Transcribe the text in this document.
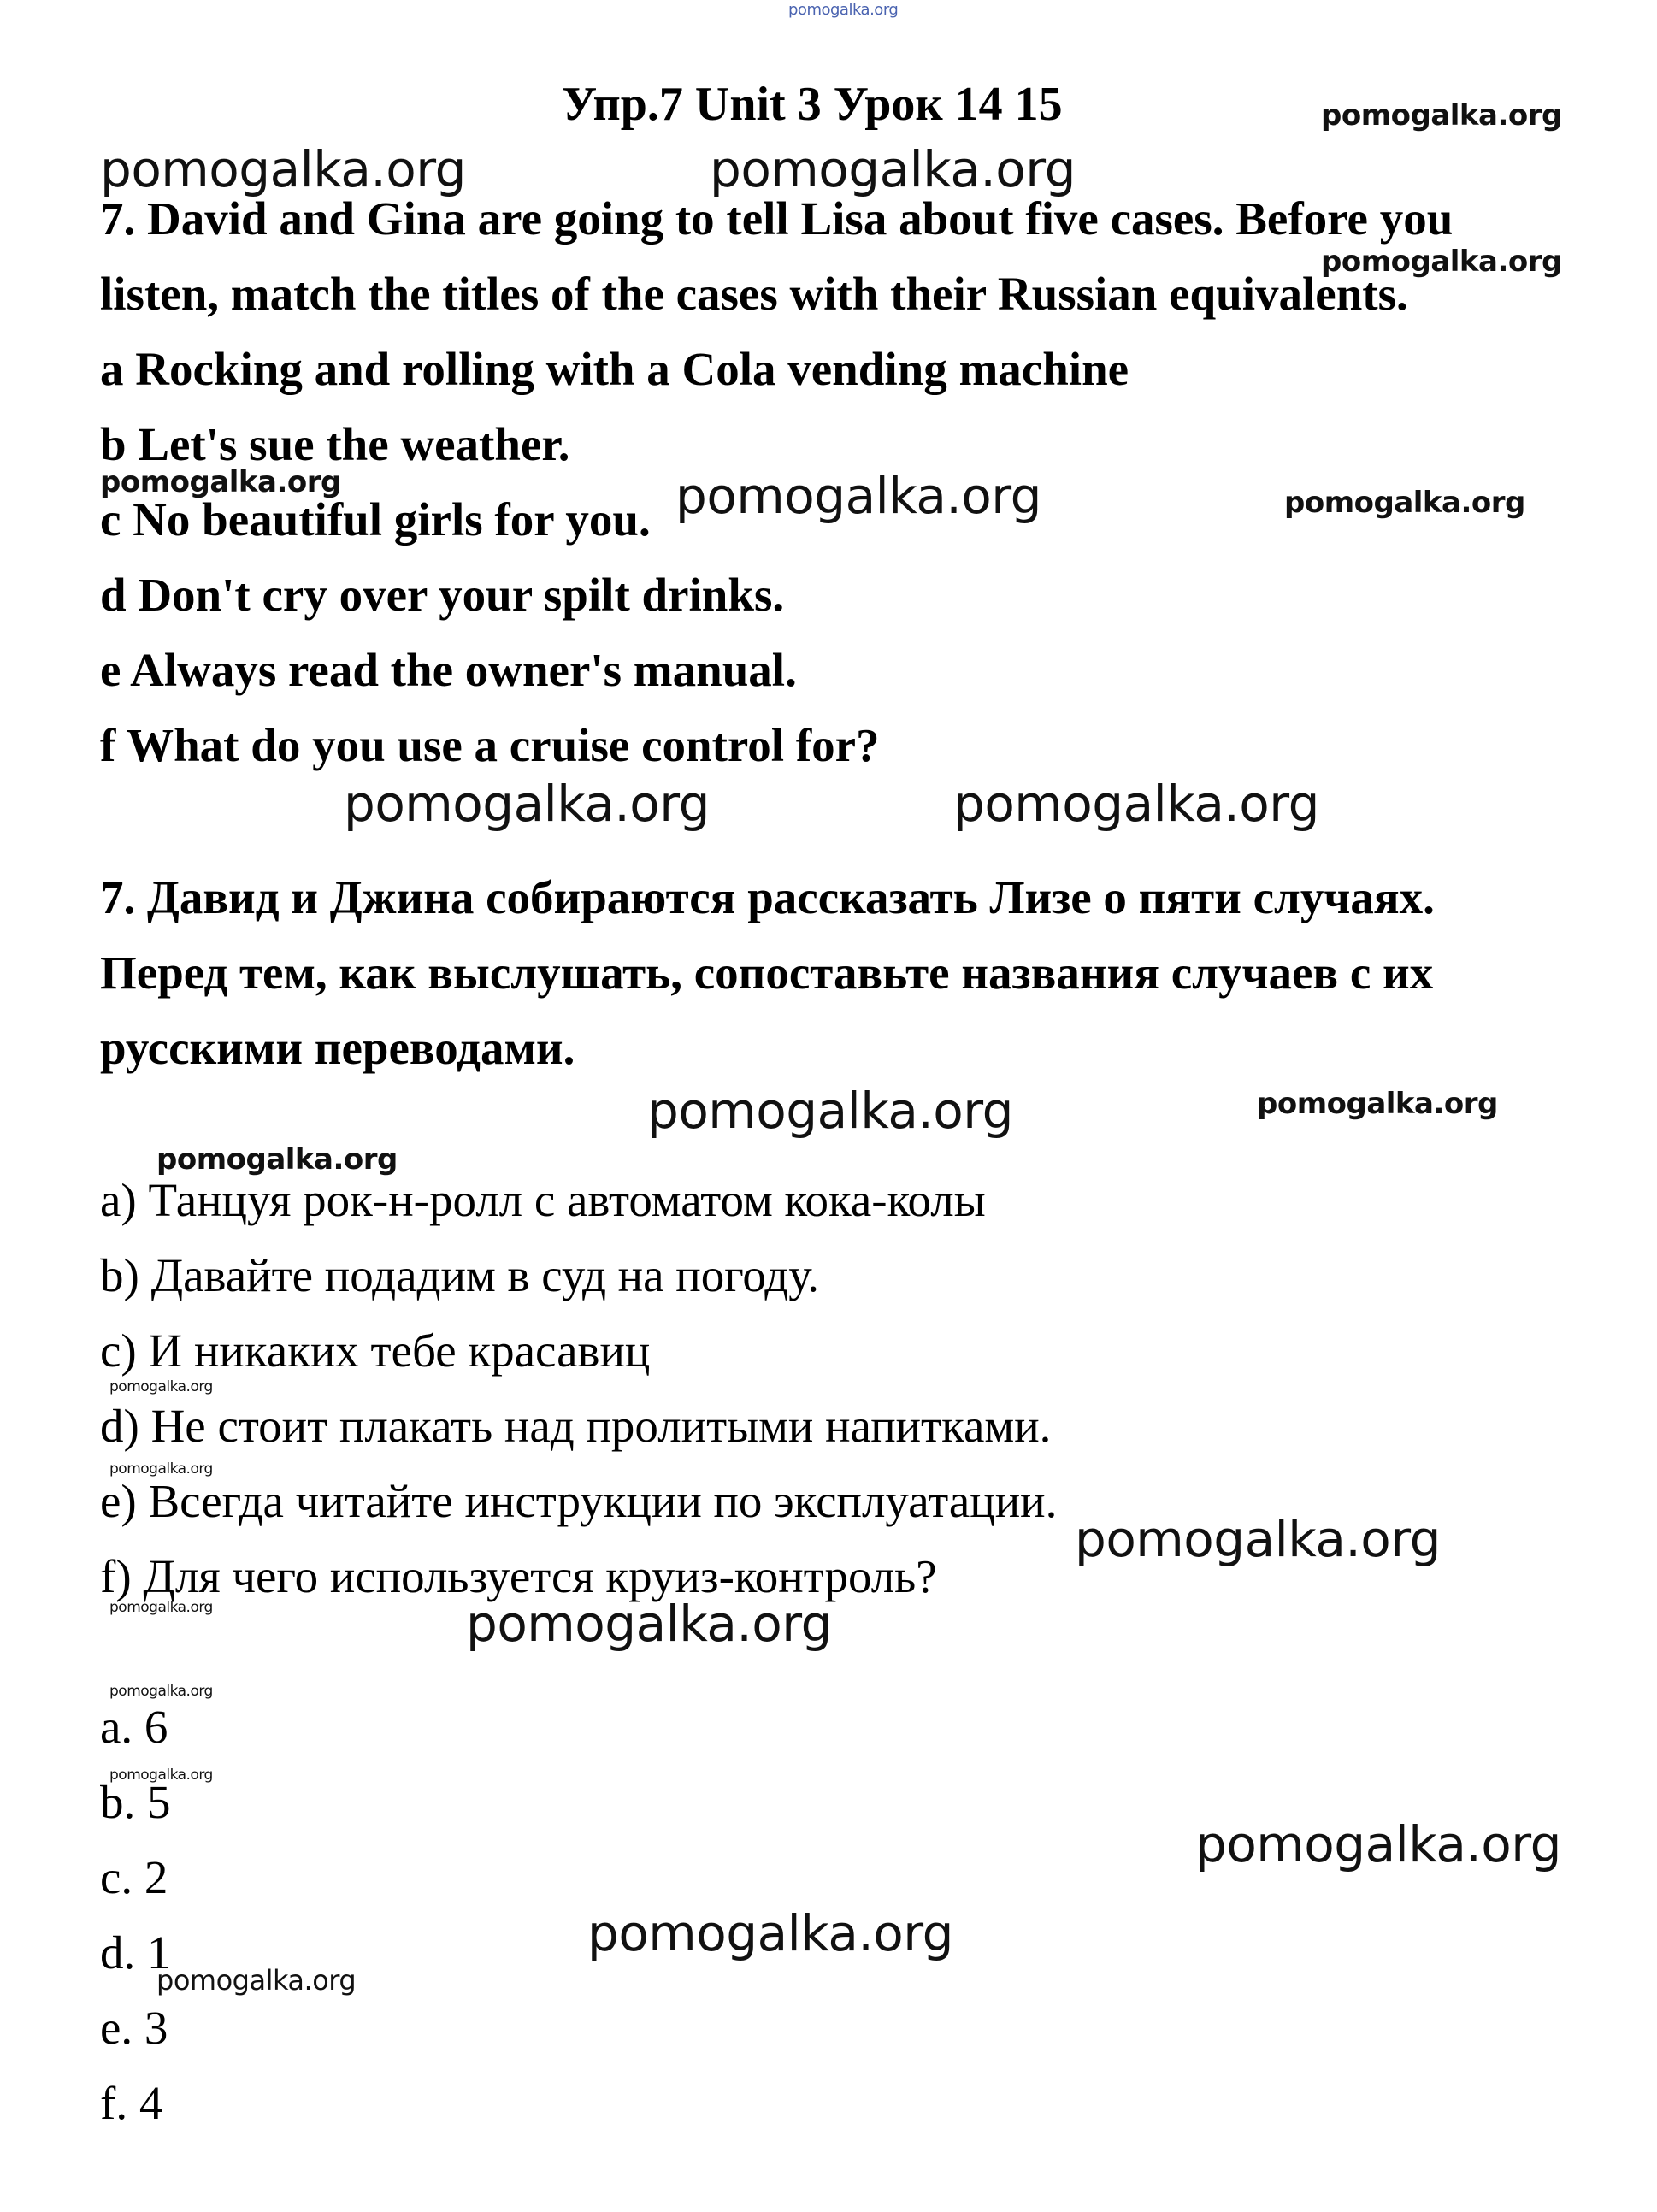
pomogalka.org
Упр.7 Unit 3 Урок 14 15	pomogalka.org
pomogalka.org	pomogalka.org
7. David and Gina are going to tell Lisa about five cases. Before you
pomogalka.org
listen, match the titles of the cases with their Russian equivalents.
a Rocking and rolling with a Cola vending machine
b Let's sue the weather.
pomogalka.org
c No beautiful girls for you. pomogalka.org	pomogalka.org
d Don't cry over your spilt drinks.
e Always read the owner's manual.
f What do you use a cruise control for?
pomogalka.org	pomogalka.org
7. Давид и Джина собираются рассказать Лизе о пяти случаях.
Перед тем, как выслушать, сопоставьте названия случаев с их
русскими переводами.
pomogalka.org	pomogalka.org
pomogalka.org
a) Танцуя рок-н-ролл с автоматом кока-колы
b) Давайте подадим в суд на погоду.
c) И никаких тебе красавиц
pomogalka.org
d) Не стоит плакать над пролитыми напитками.
pomogalka.org
e) Всегда читайте инструкции по эксплуатации.
pomogalka.org
f) Для чего используется круиз-контроль?
pomogalka.org	pomogalka.org
pomogalka.org
a. 6
pomogalka.org
b. 5
pomogalka.org
c. 2
pomogalka.org
d. 1
pomogalka.org
e. 3
f. 4
